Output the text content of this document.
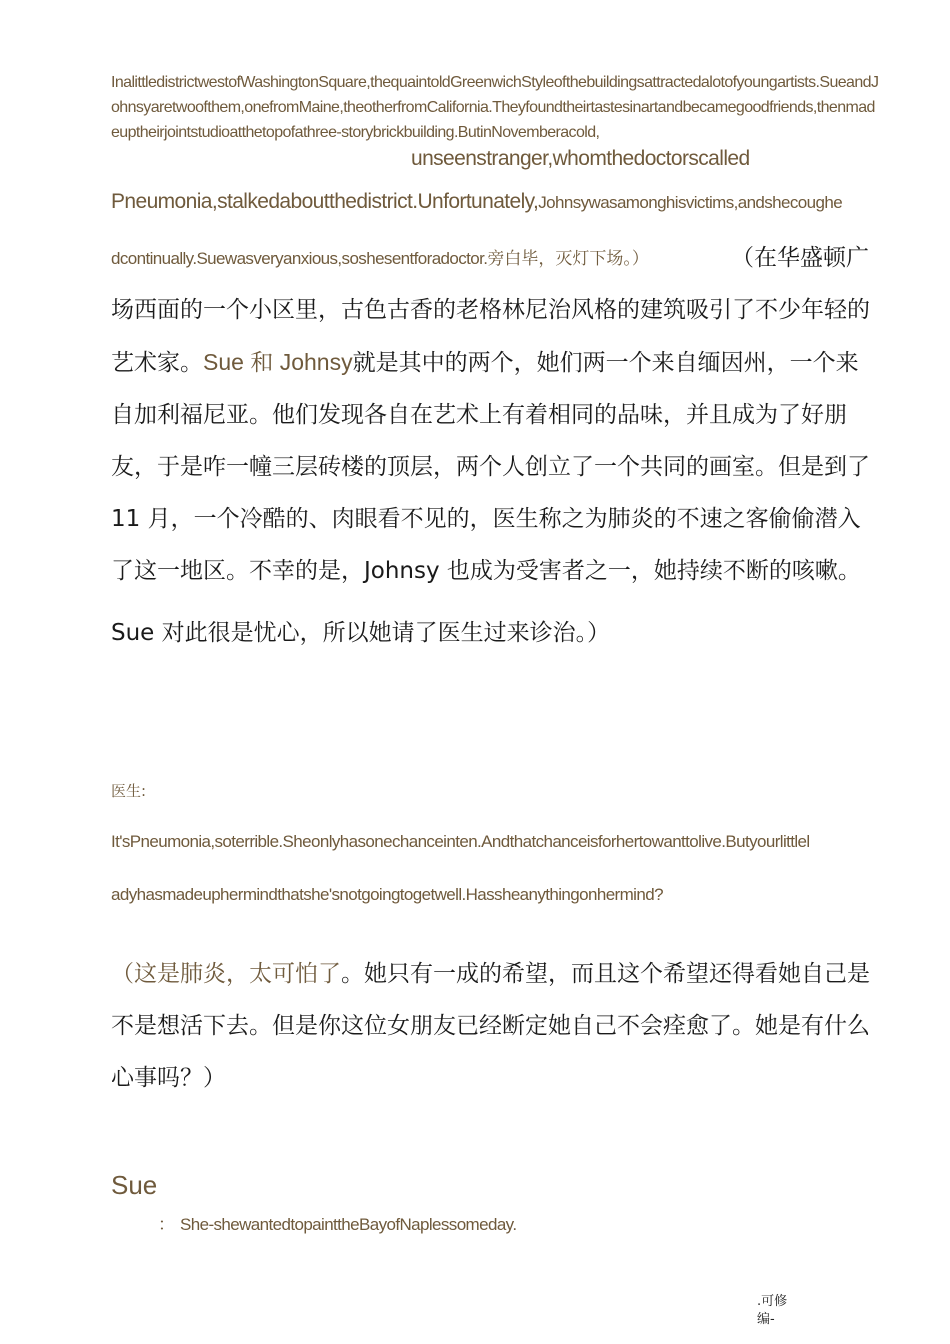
InalittledistrictwestofWashingtonSquare,thequaintoldGreenwichStyleofthebuildingsattractedalotofyoungartists.SueandJohnsyaretwoofthem,onefromMaine,theotherfromCalifornia.Theyfoundtheirtastesinartandbecamegoodfriends,thenmadeuptheirjointstudioatthetopofathree-storybrickbuilding.ButinNovemberacold,
unseenstranger,whomthedoctorscalled
Pneumonia,stalkedaboutthedistrict.Unfortunately,Johnsywasamonghisvictims,andshecoughe
dcontinually.Suewasveryanxious,soshesentforadoctor.旁白毕，灭灯下场。）	（在华盛顿广场西面的一个小区里，古色古香的老格林尼治风格的建筑吸引了不少年轻的艺术家。Sue 和 Johnsy就是其中的两个，她们两一个来自缅因州，一个来自加利福尼亚。他们发现各自在艺术上有着相同的品味，并且成为了好朋友，于是咋一幢三层砖楼的顶层，两个人创立了一个共同的画室。但是到了 11 月，一个冷酷的、肉眼看不见的，医生称之为肺炎的不速之客偷偷潜入了这一地区。不幸的是，Johnsy 也成为受害者之一，她持续不断的咳嗽。
Sue 对此很是忧心，所以她请了医生过来诊治。）
医生:
It'sPneumonia,soterrible.Sheonlyhasonechanceinten.Andthatchanceisforhertowanttolive.Butyourlittlel
adyhasmadeuphermindthatshe'snotgoingtogetwell.Hassheanythingonhermind?
（这是肺炎，太可怕了。她只有一成的希望，而且这个希望还得看她自己是不是想活下去。但是你这位女朋友已经断定她自己不会痊愈了。她是有什么心事吗？）
Sue
： She-shewantedtopainttheBayofNaplessomeday.
.可修
编-
